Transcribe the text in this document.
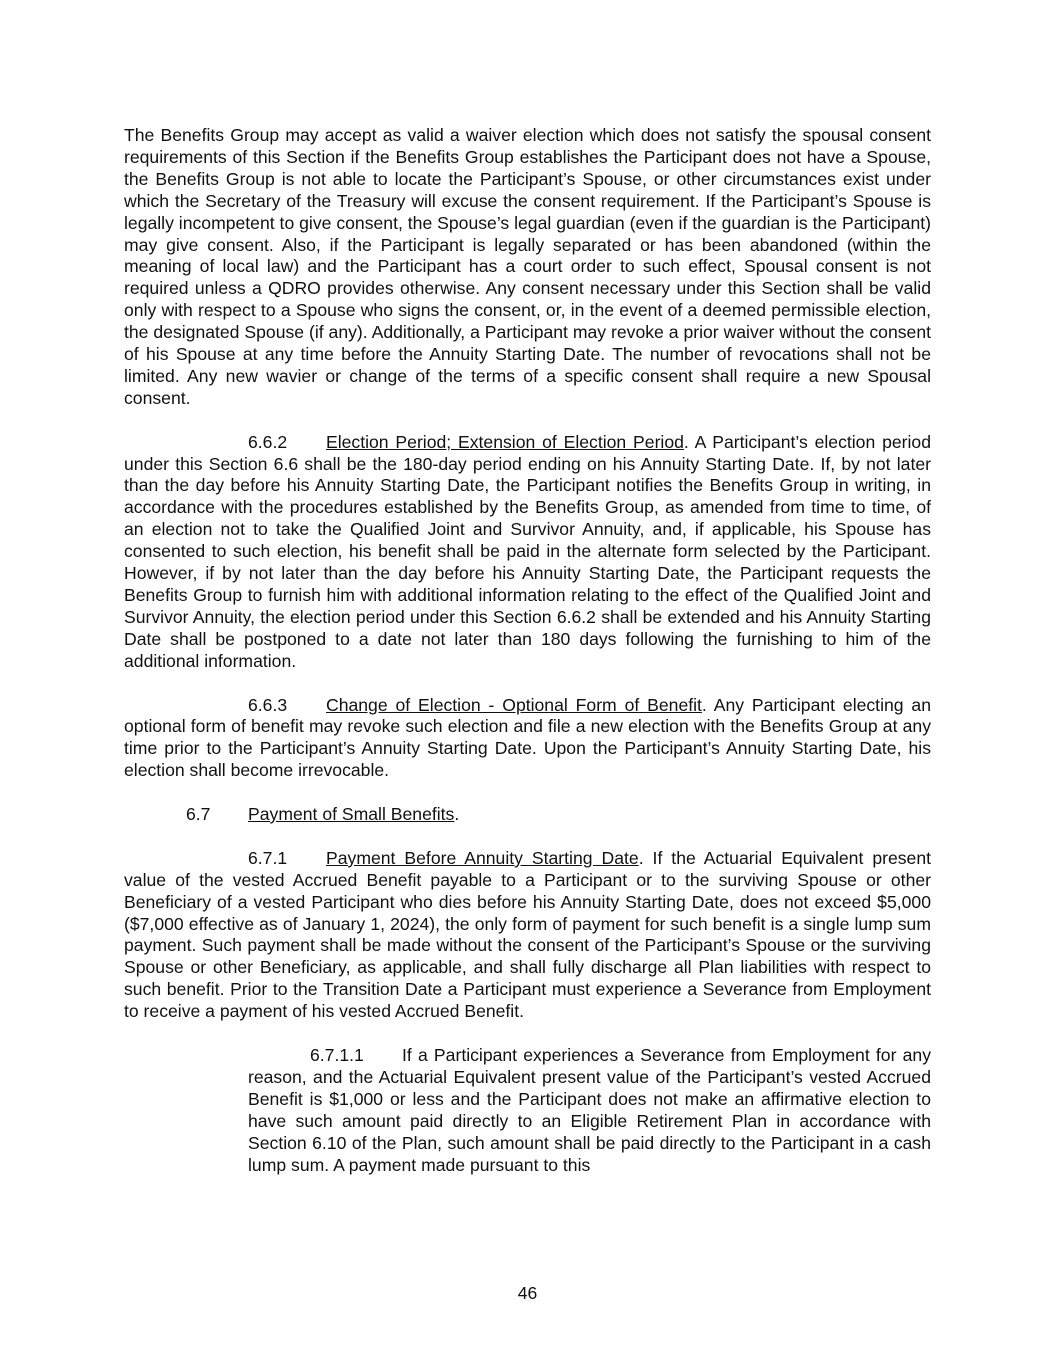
The Benefits Group may accept as valid a waiver election which does not satisfy the spousal consent requirements of this Section if the Benefits Group establishes the Participant does not have a Spouse, the Benefits Group is not able to locate the Participant’s Spouse, or other circumstances exist under which the Secretary of the Treasury will excuse the consent requirement. If the Participant’s Spouse is legally incompetent to give consent, the Spouse’s legal guardian (even if the guardian is the Participant) may give consent. Also, if the Participant is legally separated or has been abandoned (within the meaning of local law) and the Participant has a court order to such effect, Spousal consent is not required unless a QDRO provides otherwise. Any consent necessary under this Section shall be valid only with respect to a Spouse who signs the consent, or, in the event of a deemed permissible election, the designated Spouse (if any). Additionally, a Participant may revoke a prior waiver without the consent of his Spouse at any time before the Annuity Starting Date. The number of revocations shall not be limited. Any new wavier or change of the terms of a specific consent shall require a new Spousal consent.

6.6.2 Election Period; Extension of Election Period. A Participant’s election period under this Section 6.6 shall be the 180-day period ending on his Annuity Starting Date. If, by not later than the day before his Annuity Starting Date, the Participant notifies the Benefits Group in writing, in accordance with the procedures established by the Benefits Group, as amended from time to time, of an election not to take the Qualified Joint and Survivor Annuity, and, if applicable, his Spouse has consented to such election, his benefit shall be paid in the alternate form selected by the Participant. However, if by not later than the day before his Annuity Starting Date, the Participant requests the Benefits Group to furnish him with additional information relating to the effect of the Qualified Joint and Survivor Annuity, the election period under this Section 6.6.2 shall be extended and his Annuity Starting Date shall be postponed to a date not later than 180 days following the furnishing to him of the additional information.

6.6.3 Change of Election - Optional Form of Benefit. Any Participant electing an optional form of benefit may revoke such election and file a new election with the Benefits Group at any time prior to the Participant’s Annuity Starting Date. Upon the Participant’s Annuity Starting Date, his election shall become irrevocable.

6.7 Payment of Small Benefits.

6.7.1 Payment Before Annuity Starting Date. If the Actuarial Equivalent present value of the vested Accrued Benefit payable to a Participant or to the surviving Spouse or other Beneficiary of a vested Participant who dies before his Annuity Starting Date, does not exceed $5,000 ($7,000 effective as of January 1, 2024), the only form of payment for such benefit is a single lump sum payment. Such payment shall be made without the consent of the Participant’s Spouse or the surviving Spouse or other Beneficiary, as applicable, and shall fully discharge all Plan liabilities with respect to such benefit. Prior to the Transition Date a Participant must experience a Severance from Employment to receive a payment of his vested Accrued Benefit.

6.7.1.1 If a Participant experiences a Severance from Employment for any reason, and the Actuarial Equivalent present value of the Participant’s vested Accrued Benefit is $1,000 or less and the Participant does not make an affirmative election to have such amount paid directly to an Eligible Retirement Plan in accordance with Section 6.10 of the Plan, such amount shall be paid directly to the Participant in a cash lump sum. A payment made pursuant to this

46
